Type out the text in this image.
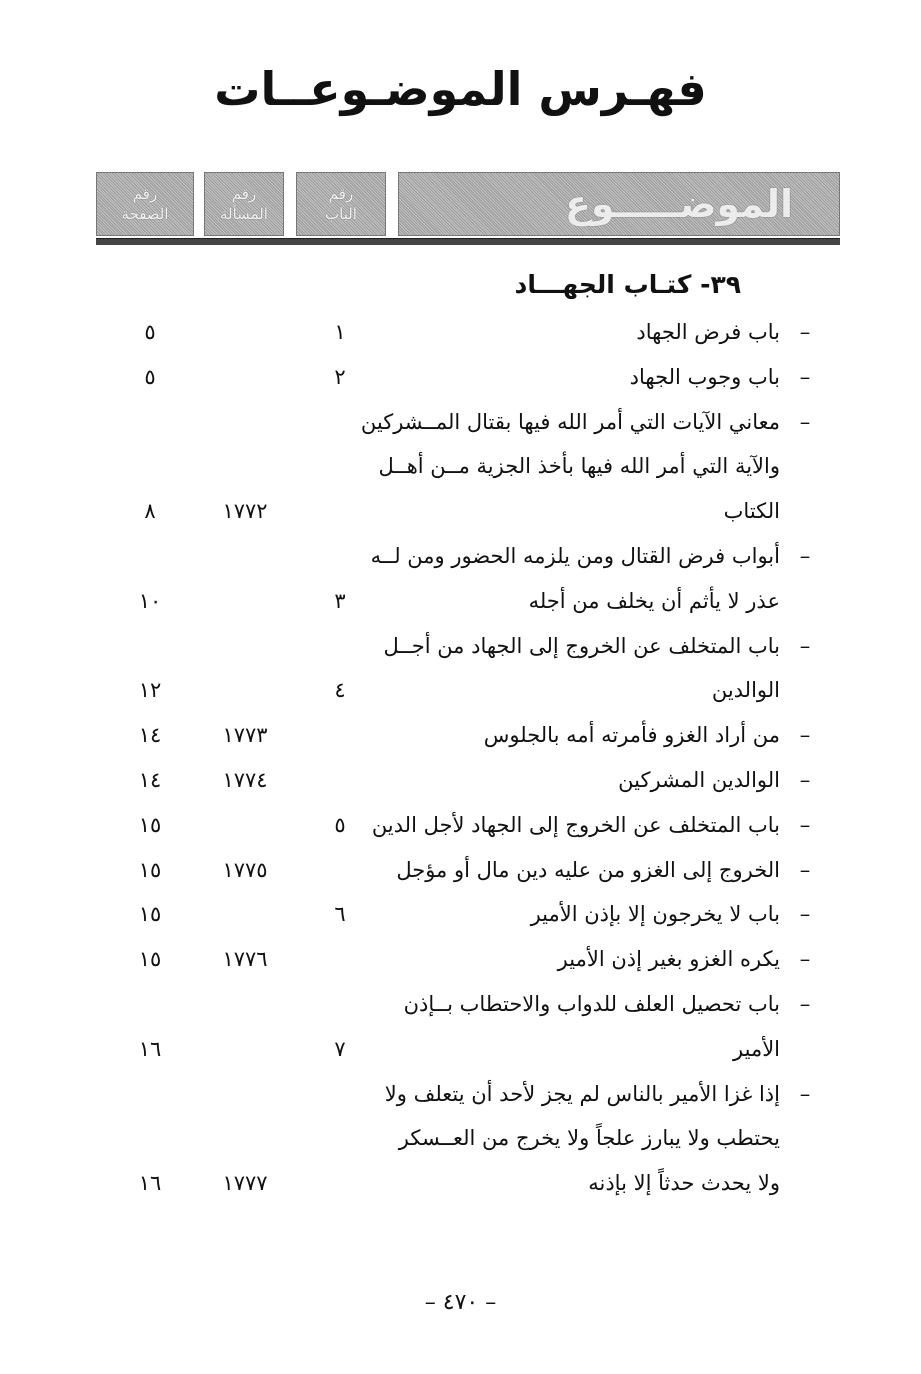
فهـرس الموضـوعــات
رقم
الصفحة
رقم
المسألة
رقم
الباب	الموضـــــوع
٣٩- كتـاب الجهـــاد
–
باب فرض الجهاد
١
٥
–
باب وجوب الجهاد
٢
٥
–
معاني الآيات التي أمر الله فيها بقتال المــشركين
والآية التي أمر الله فيها بأخذ الجزية مــن أهــل
الكتاب
١٧٧٢
٨
–
أبواب فرض القتال ومن يلزمه الحضور ومن لــه
عذر لا يأثم أن يخلف من أجله
٣
١٠
–
باب المتخلف عن الخروج إلى الجهاد من أجــل
الوالدين
٤
١٢
–
من أراد الغزو فأمرته أمه بالجلوس
١٧٧٣
١٤
–
الوالدين المشركين
١٧٧٤
١٤
–
باب المتخلف عن الخروج إلى الجهاد لأجل الدين
٥
١٥
–
الخروج إلى الغزو من عليه دين مال أو مؤجل
١٧٧٥
١٥
–
باب لا يخرجون إلا بإذن الأمير
٦
١٥
–
يكره الغزو بغير إذن الأمير
١٧٧٦
١٥
–
باب تحصيل العلف للدواب والاحتطاب بــإذن
الأمير
٧
١٦
–
إذا غزا الأمير بالناس لم يجز لأحد أن يتعلف ولا
يحتطب ولا يبارز علجاً ولا يخرج من العــسكر
ولا يحدث حدثاً إلا بإذنه
١٧٧٧
١٦
– ٤٧٠ –
